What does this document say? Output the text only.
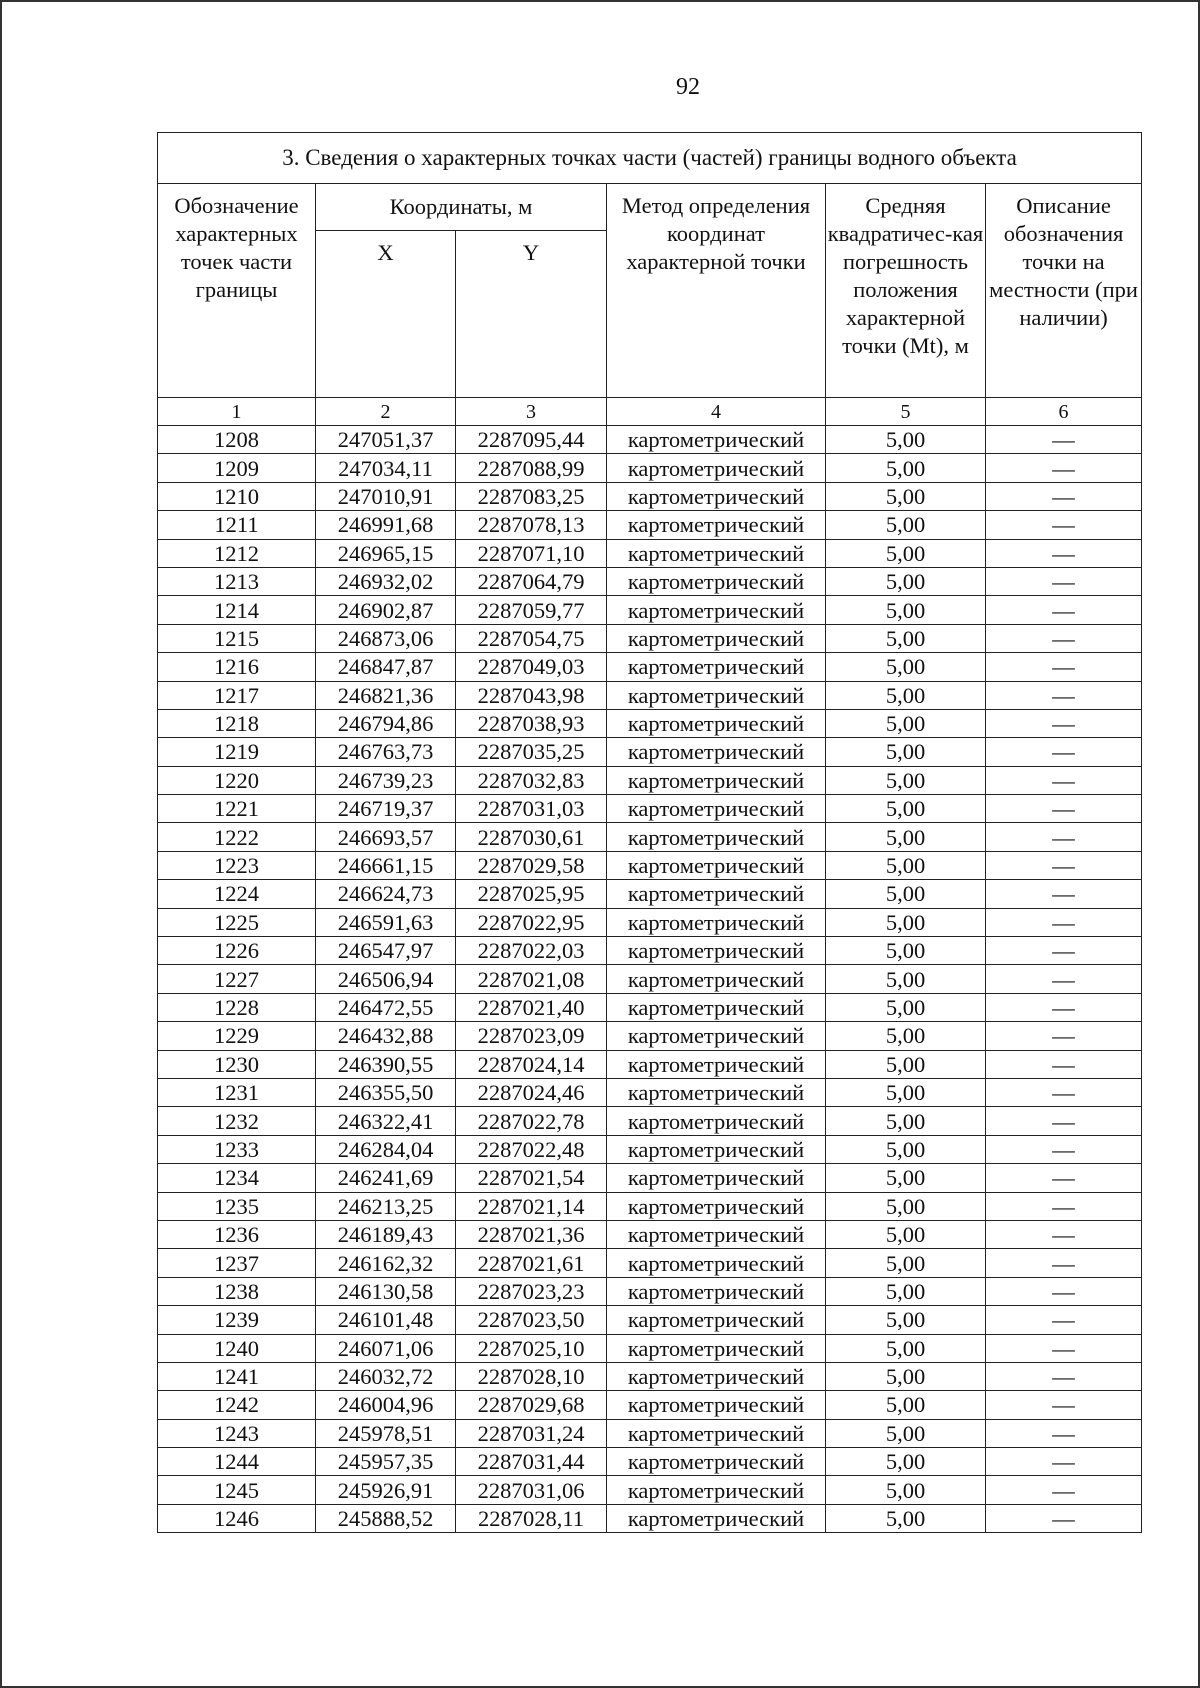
92
3. Сведения о характерных точках части (частей) границы водного объекта					
Обозначение характерных точек части границы	Координаты, м		Метод определения координат характерной точки	Средняя квадратичес-кая погрешность положения характерной точки (Mt), м	Описание обозначения точки на местности (при наличии)
	X	Y			
1	2	3	4	5	6
1208	247051,37	2287095,44	картометрический	5,00	—
1209	247034,11	2287088,99	картометрический	5,00	—
1210	247010,91	2287083,25	картометрический	5,00	—
1211	246991,68	2287078,13	картометрический	5,00	—
1212	246965,15	2287071,10	картометрический	5,00	—
1213	246932,02	2287064,79	картометрический	5,00	—
1214	246902,87	2287059,77	картометрический	5,00	—
1215	246873,06	2287054,75	картометрический	5,00	—
1216	246847,87	2287049,03	картометрический	5,00	—
1217	246821,36	2287043,98	картометрический	5,00	—
1218	246794,86	2287038,93	картометрический	5,00	—
1219	246763,73	2287035,25	картометрический	5,00	—
1220	246739,23	2287032,83	картометрический	5,00	—
1221	246719,37	2287031,03	картометрический	5,00	—
1222	246693,57	2287030,61	картометрический	5,00	—
1223	246661,15	2287029,58	картометрический	5,00	—
1224	246624,73	2287025,95	картометрический	5,00	—
1225	246591,63	2287022,95	картометрический	5,00	—
1226	246547,97	2287022,03	картометрический	5,00	—
1227	246506,94	2287021,08	картометрический	5,00	—
1228	246472,55	2287021,40	картометрический	5,00	—
1229	246432,88	2287023,09	картометрический	5,00	—
1230	246390,55	2287024,14	картометрический	5,00	—
1231	246355,50	2287024,46	картометрический	5,00	—
1232	246322,41	2287022,78	картометрический	5,00	—
1233	246284,04	2287022,48	картометрический	5,00	—
1234	246241,69	2287021,54	картометрический	5,00	—
1235	246213,25	2287021,14	картометрический	5,00	—
1236	246189,43	2287021,36	картометрический	5,00	—
1237	246162,32	2287021,61	картометрический	5,00	—
1238	246130,58	2287023,23	картометрический	5,00	—
1239	246101,48	2287023,50	картометрический	5,00	—
1240	246071,06	2287025,10	картометрический	5,00	—
1241	246032,72	2287028,10	картометрический	5,00	—
1242	246004,96	2287029,68	картометрический	5,00	—
1243	245978,51	2287031,24	картометрический	5,00	—
1244	245957,35	2287031,44	картометрический	5,00	—
1245	245926,91	2287031,06	картометрический	5,00	—
1246	245888,52	2287028,11	картометрический	5,00	—
